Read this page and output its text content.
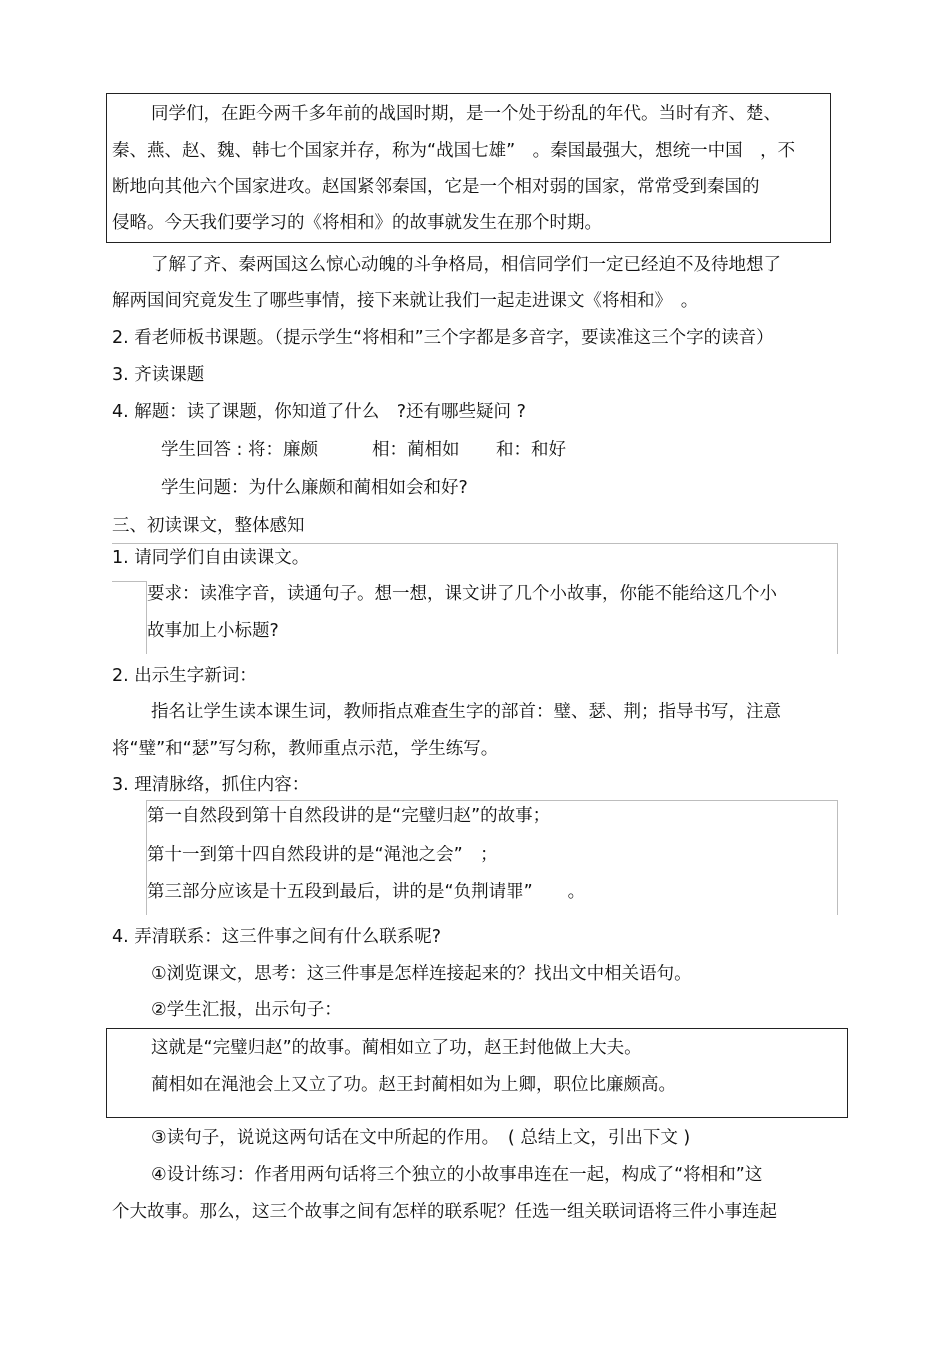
同学们，在距今两千多年前的战国时期，是一个处于纷乱的年代。当时有齐、楚、
秦、燕、赵、魏、韩七个国家并存，称为“战国七雄”　。秦国最强大，想统一中国　，不
断地向其他六个国家进攻。赵国紧邻秦国，它是一个相对弱的国家，常常受到秦国的
侵略。今天我们要学习的《将相和》的故事就发生在那个时期。
了解了齐、秦两国这么惊心动魄的斗争格局，相信同学们一定已经迫不及待地想了
解两国间究竟发生了哪些事情，接下来就让我们一起走进课文《将相和》　。
2. 看老师板书课题。（提示学生“将相和”三个字都是多音字，要读准这三个字的读音）
3. 齐读课题
4. 解题：读了课题，你知道了什么　?还有哪些疑问 ?
学生回答 : 将：廉颇	相：蔺相如 和：和好
学生问题：为什么廉颇和蔺相如会和好?
三、初读课文，整体感知
1. 请同学们自由读课文。
要求：读准字音，读通句子。想一想，课文讲了几个小故事，你能不能给这几个小
故事加上小标题?
2. 出示生字新词：
指名让学生读本课生词，教师指点难查生字的部首：璧、瑟、荆；指导书写，注意
将“璧”和“瑟”写匀称，教师重点示范，学生练写。
3. 理清脉络，抓住内容：
第一自然段到第十自然段讲的是“完璧归赵”的故事；
第十一到第十四自然段讲的是“渑池之会”　；
第三部分应该是十五段到最后，讲的是“负荆请罪”　　。
4. 弄清联系：这三件事之间有什么联系呢?
①浏览课文，思考：这三件事是怎样连接起来的？找出文中相关语句。
②学生汇报，出示句子：
这就是“完璧归赵”的故事。蔺相如立了功，赵王封他做上大夫。
蔺相如在渑池会上又立了功。赵王封蔺相如为上卿，职位比廉颇高。
③读句子，说说这两句话在文中所起的作用。　( 总结上文，引出下文 )
④设计练习：作者用两句话将三个独立的小故事串连在一起，构成了“将相和”这
个大故事。那么，这三个故事之间有怎样的联系呢？任选一组关联词语将三件小事连起
